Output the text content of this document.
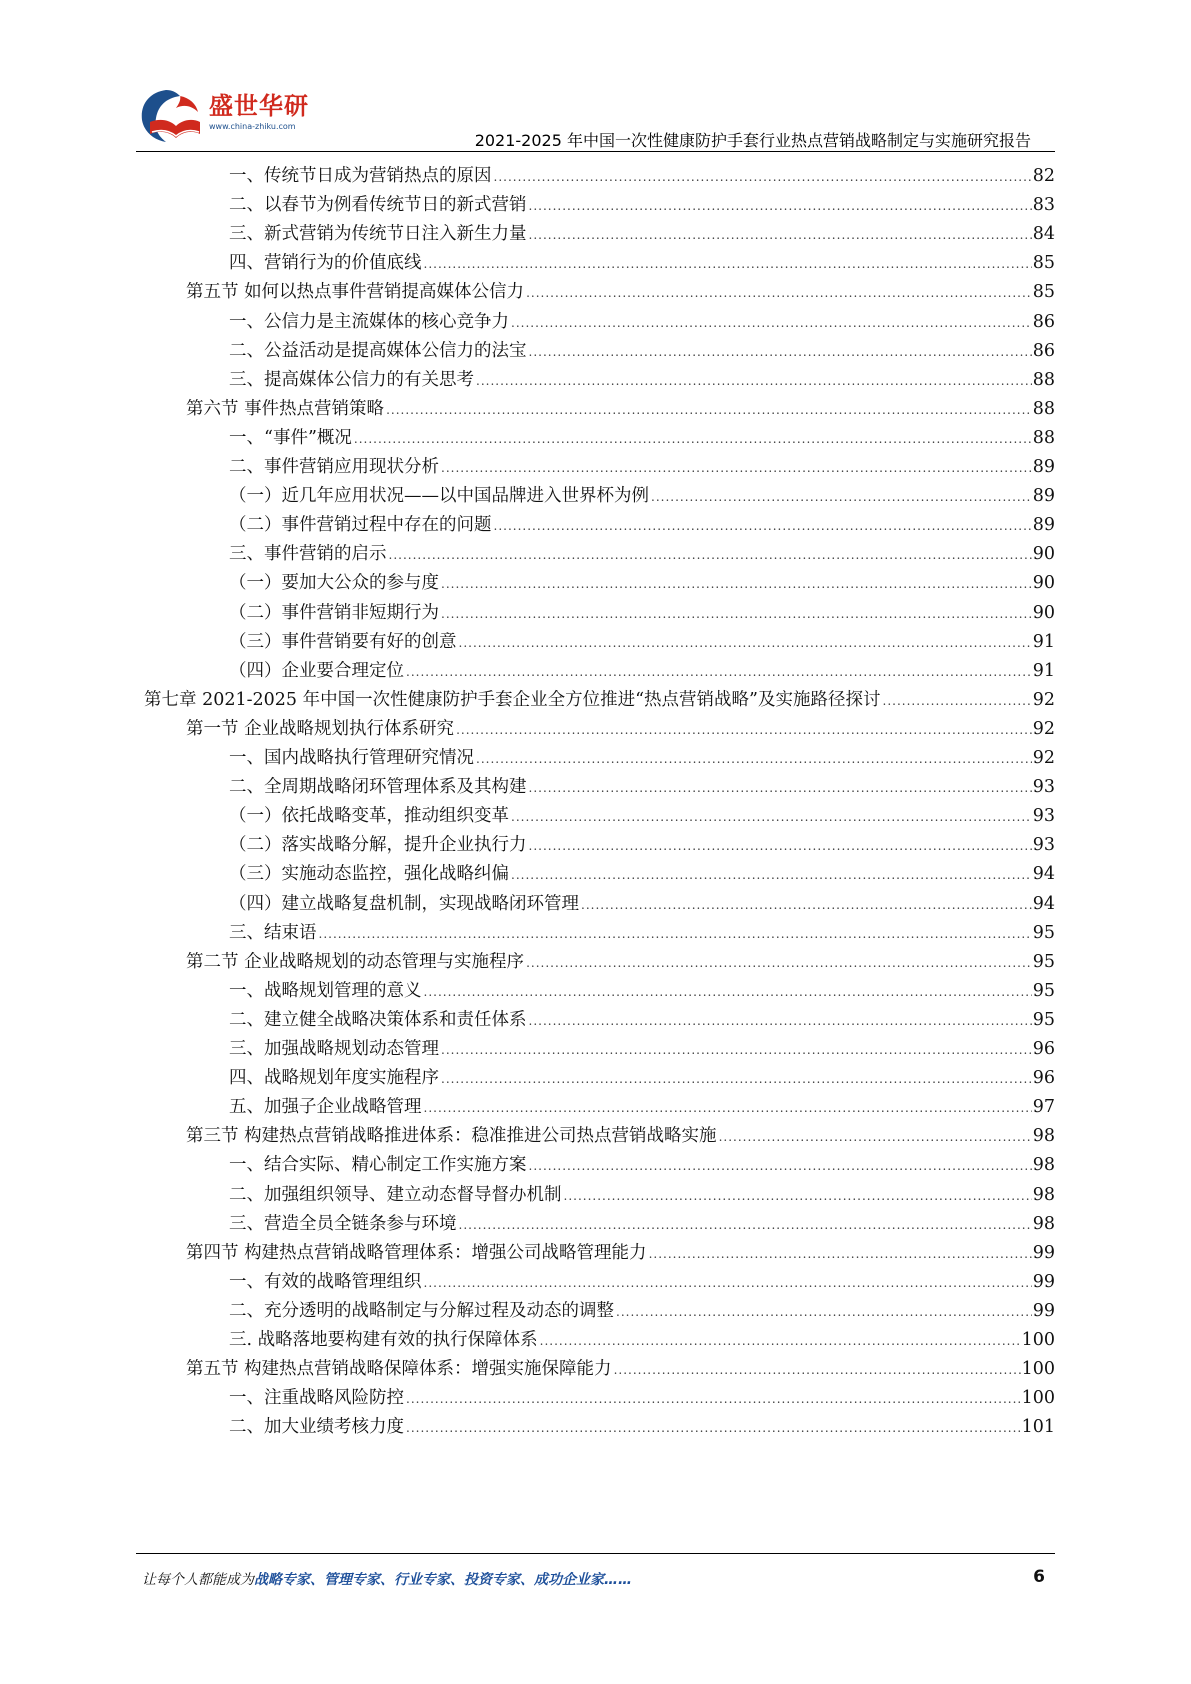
盛世华研
www.china-zhiku.com
2021-2025 年中国一次性健康防护手套行业热点营销战略制定与实施研究报告
一、传统节日成为营销热点的原因 .....	82
二、以春节为例看传统节日的新式营销 .....	83
三、新式营销为传统节日注入新生力量 .....	84
四、营销行为的价值底线 .....	85
第五节 如何以热点事件营销提高媒体公信力 .....	85
一、公信力是主流媒体的核心竞争力 .....	86
二、公益活动是提高媒体公信力的法宝 .....	86
三、提高媒体公信力的有关思考 .....	88
第六节 事件热点营销策略 .....	88
一、“事件”概况 .....	88
二、事件营销应用现状分析 .....	89
（一）近几年应用状况——以中国品牌进入世界杯为例 .....	89
（二）事件营销过程中存在的问题 .....	89
三、事件营销的启示 .....	90
（一）要加大公众的参与度 .....	90
（二）事件营销非短期行为 .....	90
（三）事件营销要有好的创意 .....	91
（四）企业要合理定位 .....	91
第七章 2021-2025 年中国一次性健康防护手套企业全方位推进“热点营销战略”及实施路径探讨 .....	92
第一节 企业战略规划执行体系研究 .....	92
一、国内战略执行管理研究情况 .....	92
二、全周期战略闭环管理体系及其构建 .....	93
（一）依托战略变革，推动组织变革 .....	93
（二）落实战略分解，提升企业执行力 .....	93
（三）实施动态监控，强化战略纠偏 .....	94
（四）建立战略复盘机制，实现战略闭环管理 .....	94
三、结束语 .....	95
第二节 企业战略规划的动态管理与实施程序 .....	95
一、战略规划管理的意义 .....	95
二、建立健全战略决策体系和责任体系 .....	95
三、加强战略规划动态管理 .....	96
四、战略规划年度实施程序 .....	96
五、加强子企业战略管理 .....	97
第三节 构建热点营销战略推进体系：稳准推进公司热点营销战略实施 .....	98
一、结合实际、精心制定工作实施方案 .....	98
二、加强组织领导、建立动态督导督办机制 .....	98
三、营造全员全链条参与环境 .....	98
第四节 构建热点营销战略管理体系：增强公司战略管理能力 .....	99
一、有效的战略管理组织 .....	99
二、充分透明的战略制定与分解过程及动态的调整 .....	99
三. 战略落地要构建有效的执行保障体系 .....	100
第五节 构建热点营销战略保障体系：增强实施保障能力 .....	100
一、注重战略风险防控 .....	100
二、加大业绩考核力度 .....	101
让每个人都能成为战略专家、管理专家、行业专家、投资专家、成功企业家……	6
